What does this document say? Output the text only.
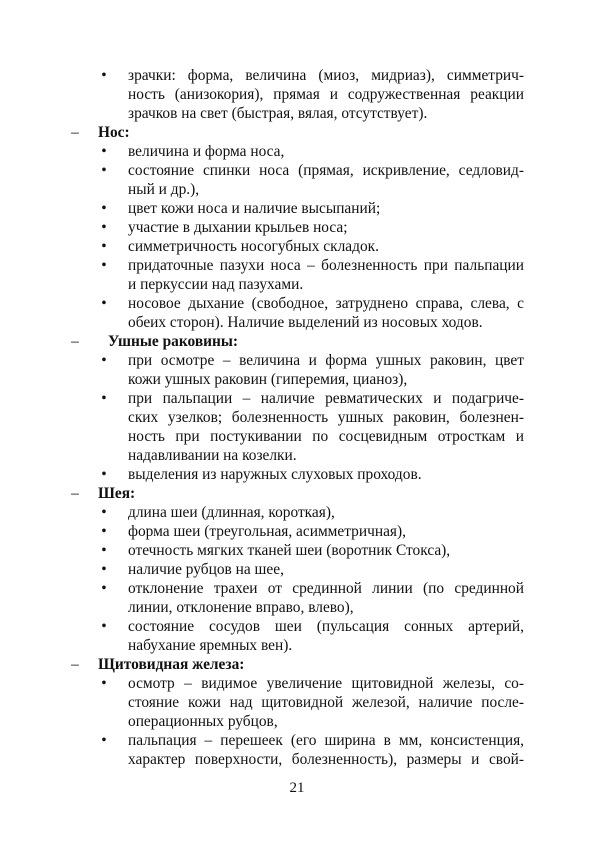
• зрачки: форма, величина (миоз, мидриаз), симметрич-
ность (анизокория), прямая и содружественная реакции
зрачков на свет (быстрая, вялая, отсутствует).
– Нос:
• величина и форма носа,
• состояние спинки носа (прямая, искривление, седловид-
ный и др.),
• цвет кожи носа и наличие высыпаний;
• участие в дыхании крыльев носа;
• симметричность носогубных складок.
• придаточные пазухи носа – болезненность при пальпации
и перкуссии над пазухами.
• носовое дыхание (свободное, затруднено справа, слева, с
обеих сторон). Наличие выделений из носовых ходов.
– Ушные раковины:
• при осмотре – величина и форма ушных раковин, цвет
кожи ушных раковин (гиперемия, цианоз),
• при пальпации – наличие ревматических и подагриче-
ских узелков; болезненность ушных раковин, болезнен-
ность при постукивании по сосцевидным отросткам и
надавливании на козелки.
• выделения из наружных слуховых проходов.
– Шея:
• длина шеи (длинная, короткая),
• форма шеи (треугольная, асимметричная),
• отечность мягких тканей шеи (воротник Стокса),
• наличие рубцов на шее,
• отклонение трахеи от срединной линии (по срединной
линии, отклонение вправо, влево),
• состояние сосудов шеи (пульсация сонных артерий,
набухание яремных вен).
– Щитовидная железа:
• осмотр – видимое увеличение щитовидной железы, со-
стояние кожи над щитовидной железой, наличие после-
операционных рубцов,
• пальпация – перешеек (его ширина в мм, консистенция,
характер поверхности, болезненность), размеры и свой-
21
